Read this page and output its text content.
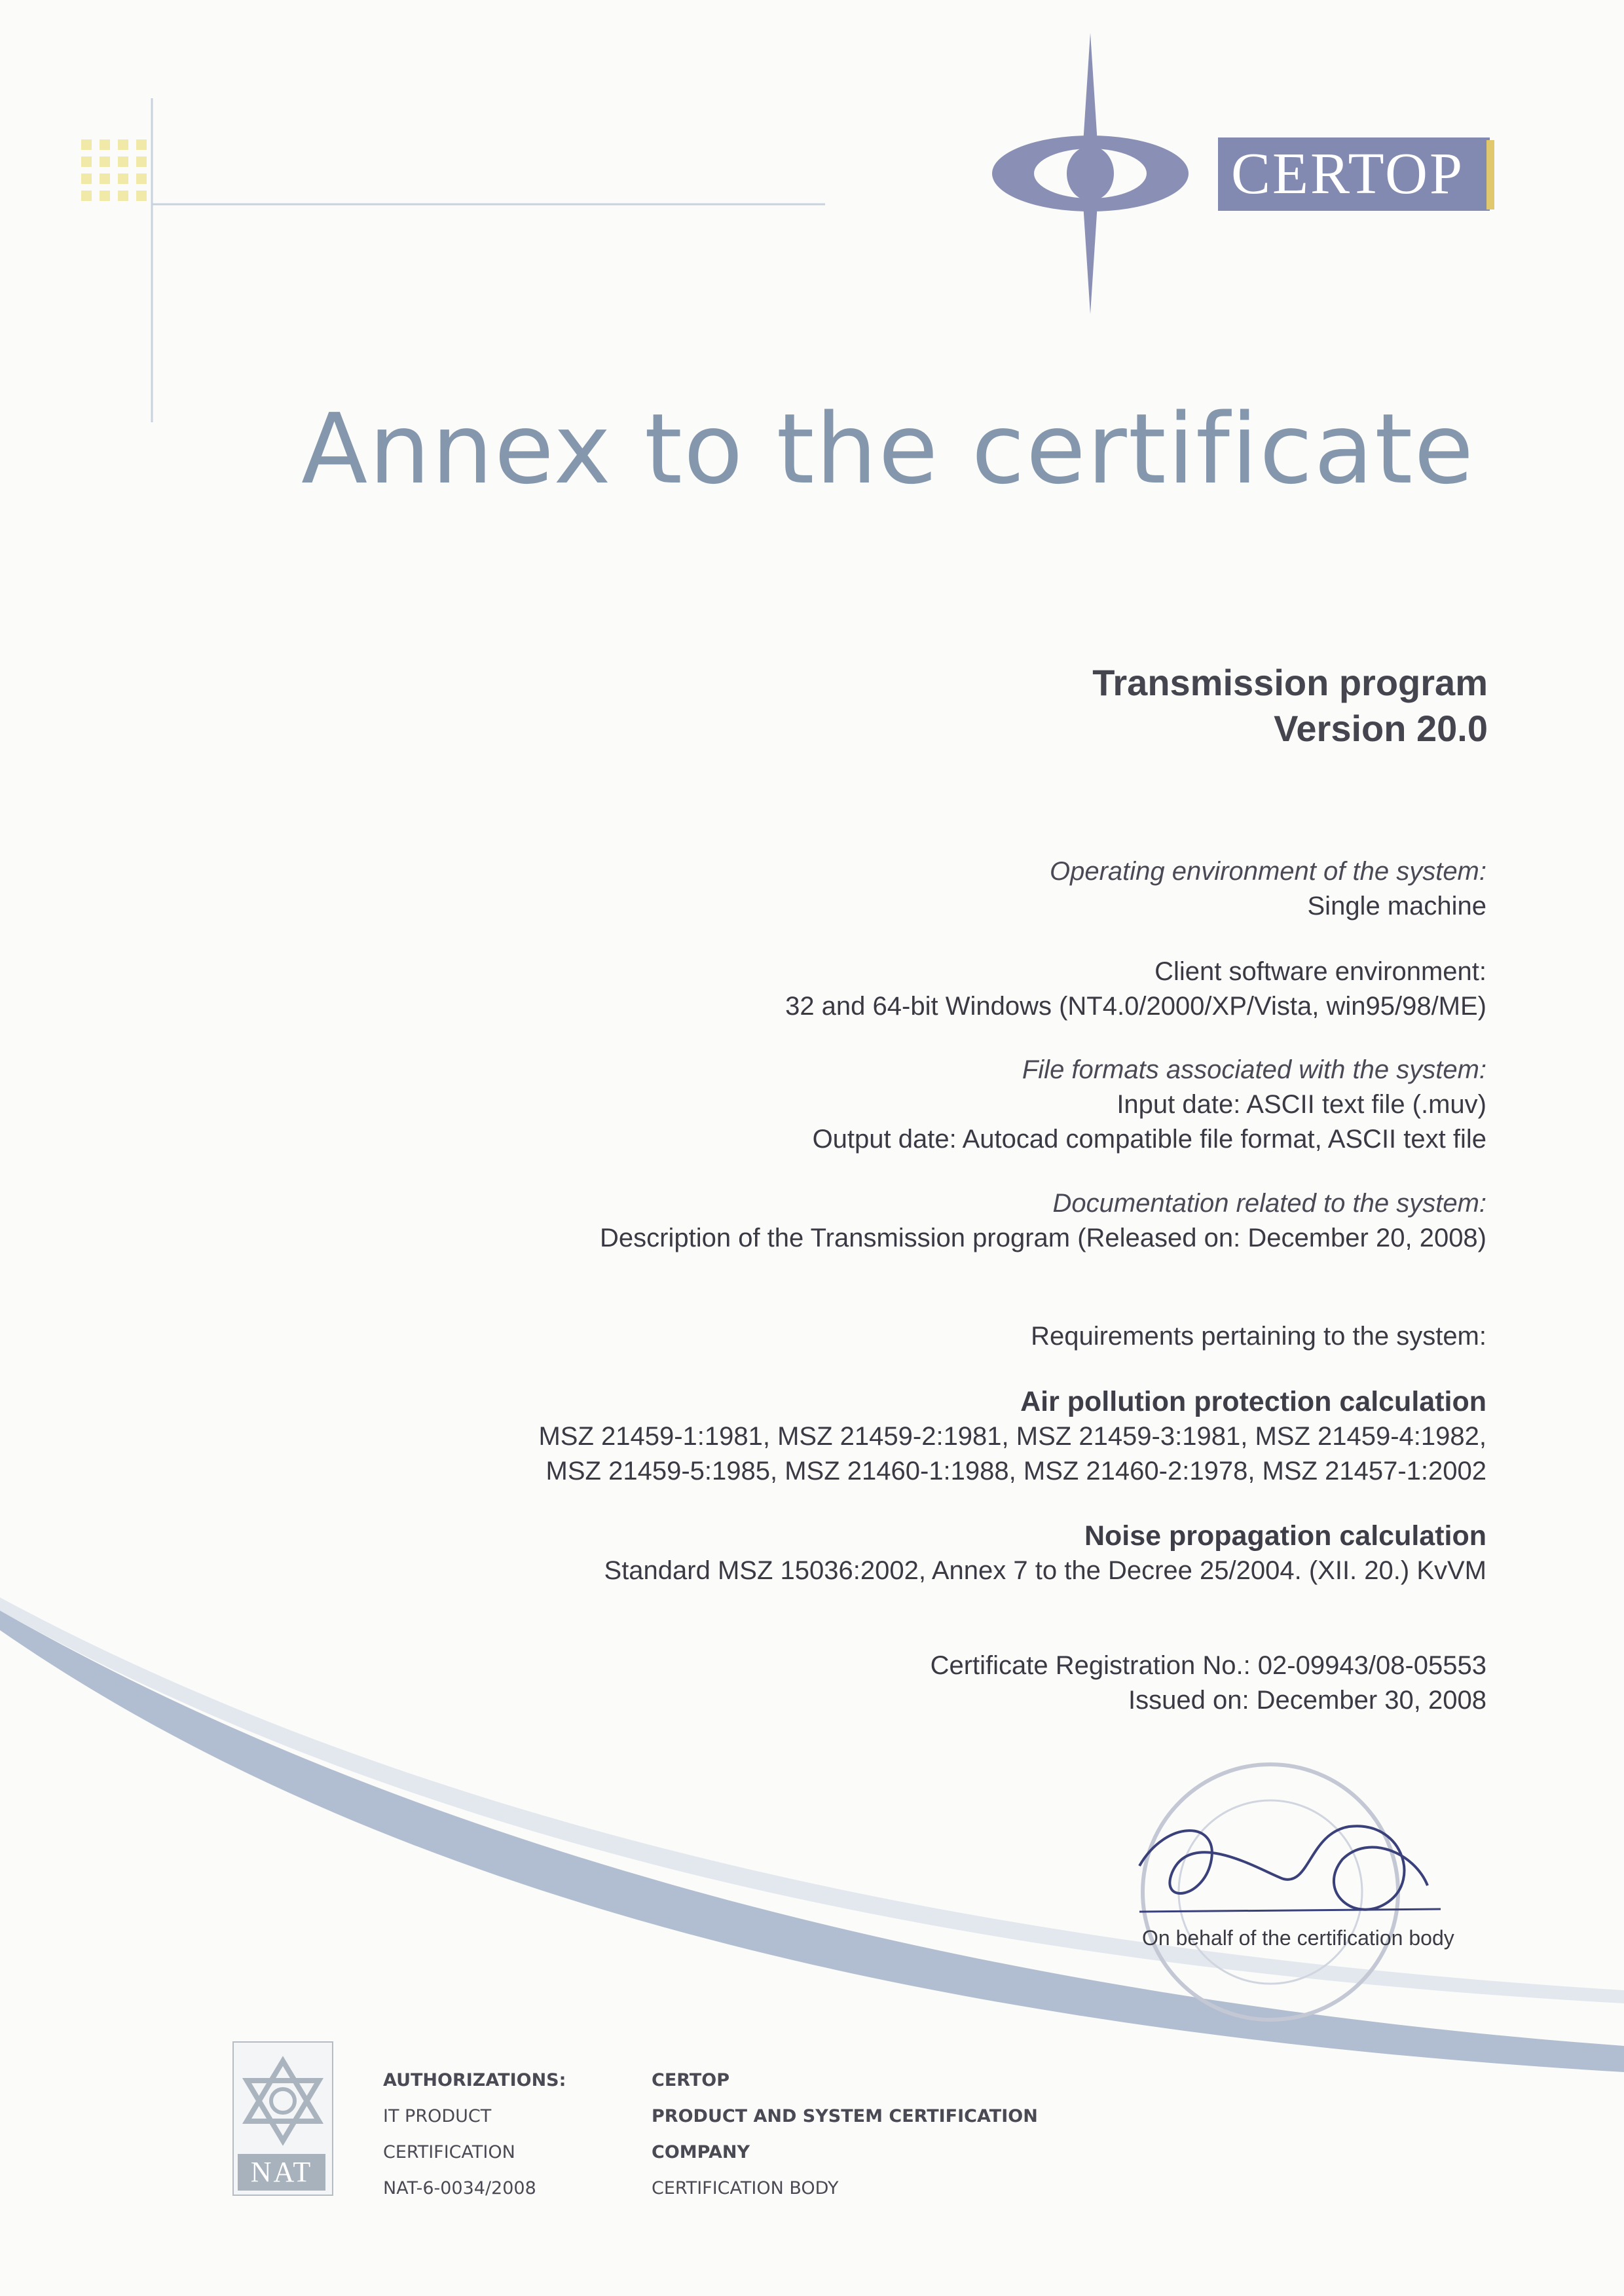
CERTOP
Annex to the certificate
Transmission program
Version 20.0
Operating environment of the system:
Single machine
Client software environment:
32 and 64-bit Windows (NT4.0/2000/XP/Vista, win95/98/ME)
File formats associated with the system:
Input date: ASCII text file (.muv)
Output date: Autocad compatible file format, ASCII text file
Documentation related to the system:
Description of the Transmission program (Released on: December 20, 2008)
Requirements pertaining to the system:
Air pollution protection calculation
MSZ 21459-1:1981, MSZ 21459-2:1981, MSZ 21459-3:1981, MSZ 21459-4:1982,
MSZ 21459-5:1985, MSZ 21460-1:1988, MSZ 21460-2:1978, MSZ 21457-1:2002
Noise propagation calculation
Standard MSZ 15036:2002, Annex 7 to the Decree 25/2004. (XII. 20.) KvVM
Certificate Registration No.: 02-09943/08-05553
Issued on: December 30, 2008
On behalf of the certification body
NAT
AUTHORIZATIONS:
IT PRODUCT
CERTIFICATION
NAT-6-0034/2008
CERTOP
PRODUCT AND SYSTEM CERTIFICATION
COMPANY
CERTIFICATION BODY
